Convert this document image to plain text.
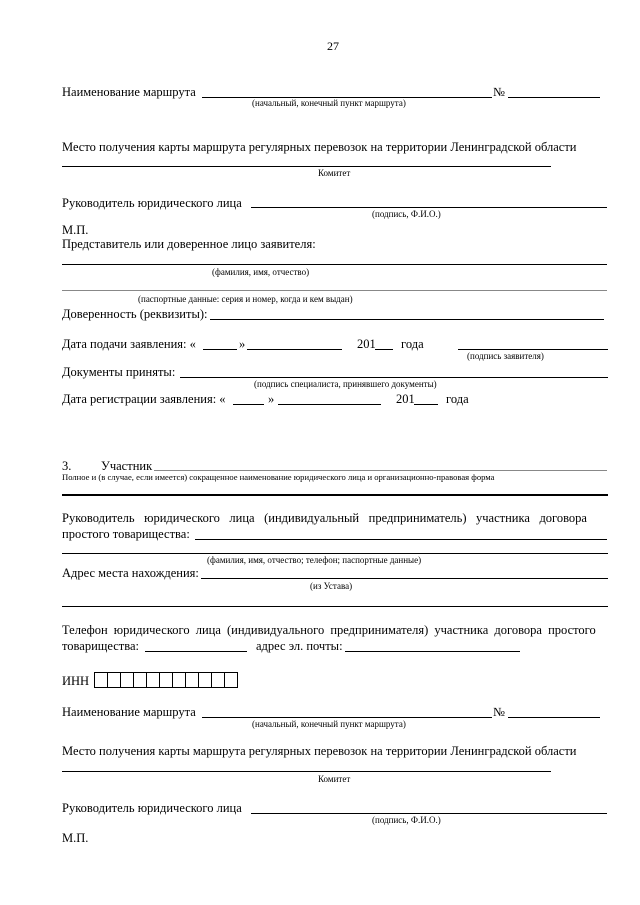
27
Наименование маршрута	№
(начальный, конечный пункт маршрута)
Место получения карты маршрута регулярных перевозок на территории Ленинградской области
Комитет
Руководитель юридического лица
(подпись, Ф.И.О.)
М.П.
Представитель или доверенное лицо заявителя:
(фамилия, имя, отчество)
(паспортные данные: серия и номер, когда и кем выдан)
Доверенность (реквизиты):
Дата подачи заявления: «	»	201 года
(подпись заявителя)
Документы приняты:
(подпись специалиста, принявшего документы)
Дата регистрации заявления: «	»	201	года
3. Участник
Полное и (в случае, если имеется) сокращенное наименование юридического лица и организационно-правовая форма
Руководитель юридического лица (индивидуальный предприниматель) участника договора
простого товарищества:
(фамилия, имя, отчество; телефон; паспортные данные)
Адрес места нахождения:
(из Устава)
Телефон юридического лица (индивидуального предпринимателя) участника договора простого
товарищества:	адрес эл. почты:
ИНН
Наименование маршрута	№
(начальный, конечный пункт маршрута)
Место получения карты маршрута регулярных перевозок на территории Ленинградской области
Комитет
Руководитель юридического лица
(подпись, Ф.И.О.)
М.П.
